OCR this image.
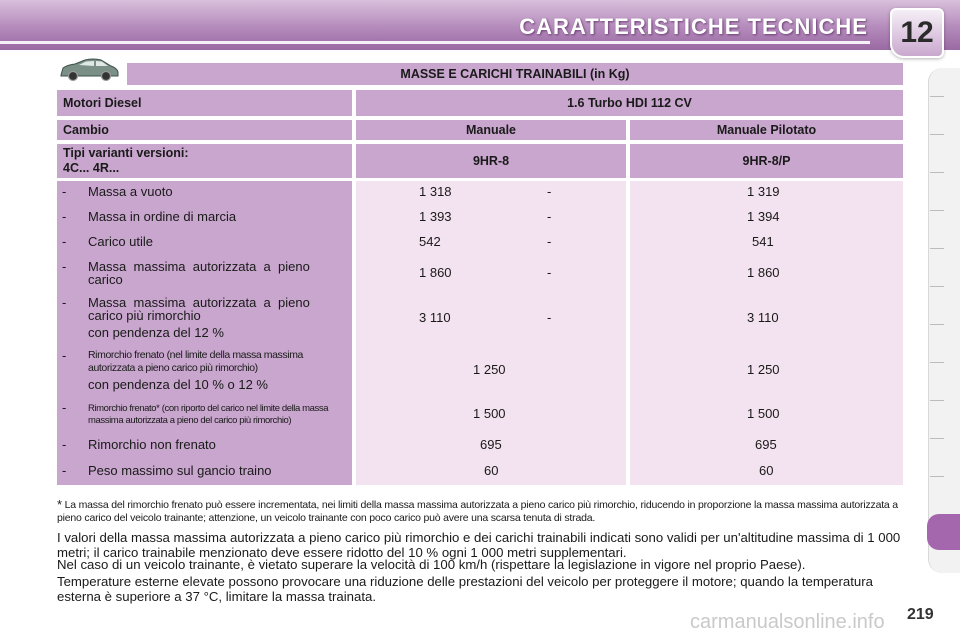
CARATTERISTICHE TECNICHE	12
MASSE E CARICHI TRAINABILI (in Kg)
Motori Diesel	1.6 Turbo HDI 112 CV
Cambio	Manuale	Manuale Pilotato
Tipi varianti versioni:
4C... 4R...	9HR-8	9HR-8/P
- Massa a vuoto	1 318	-	1 319
- Massa in ordine di marcia	1 393	-	1 394
- Carico utile	542	-	541
- Massa  massima  autorizzata  a  pieno
carico	1 860	-	1 860
- Massa  massima  autorizzata  a  pieno
carico più rimorchio
con pendenza del 12 %
3 110	-	3 110
- Rimorchio frenato (nel limite della massa massima
autorizzata a pieno carico più rimorchio)
con pendenza del 10 % o 12 %
1 250	1 250
- Rimorchio frenato* (con riporto del carico nel limite della massa
massima autorizzata a pieno del carico più rimorchio)	1 500	1 500
- Rimorchio non frenato	695	695
- Peso massimo sul gancio traino	60	60
* La massa del rimorchio frenato può essere incrementata, nei limiti della massa massima autorizzata a pieno carico più rimorchio, riducendo in proporzione la massa massima autorizzata a pieno carico del veicolo trainante; attenzione, un veicolo trainante con poco carico può avere una scarsa tenuta di strada.
I valori della massa massima autorizzata a pieno carico più rimorchio e dei carichi trainabili indicati sono validi per un'altitudine massima di 1 000 metri; il carico trainabile menzionato deve essere ridotto del 10 % ogni 1 000 metri supplementari.
Nel caso di un veicolo trainante, è vietato superare la velocità di 100 km/h (rispettare la legislazione in vigore nel proprio Paese).
Temperature esterne elevate possono provocare una riduzione delle prestazioni del veicolo per proteggere il motore; quando la temperatura esterna è superiore a 37 °C, limitare la massa trainata.
carmanualsonline.info 219
